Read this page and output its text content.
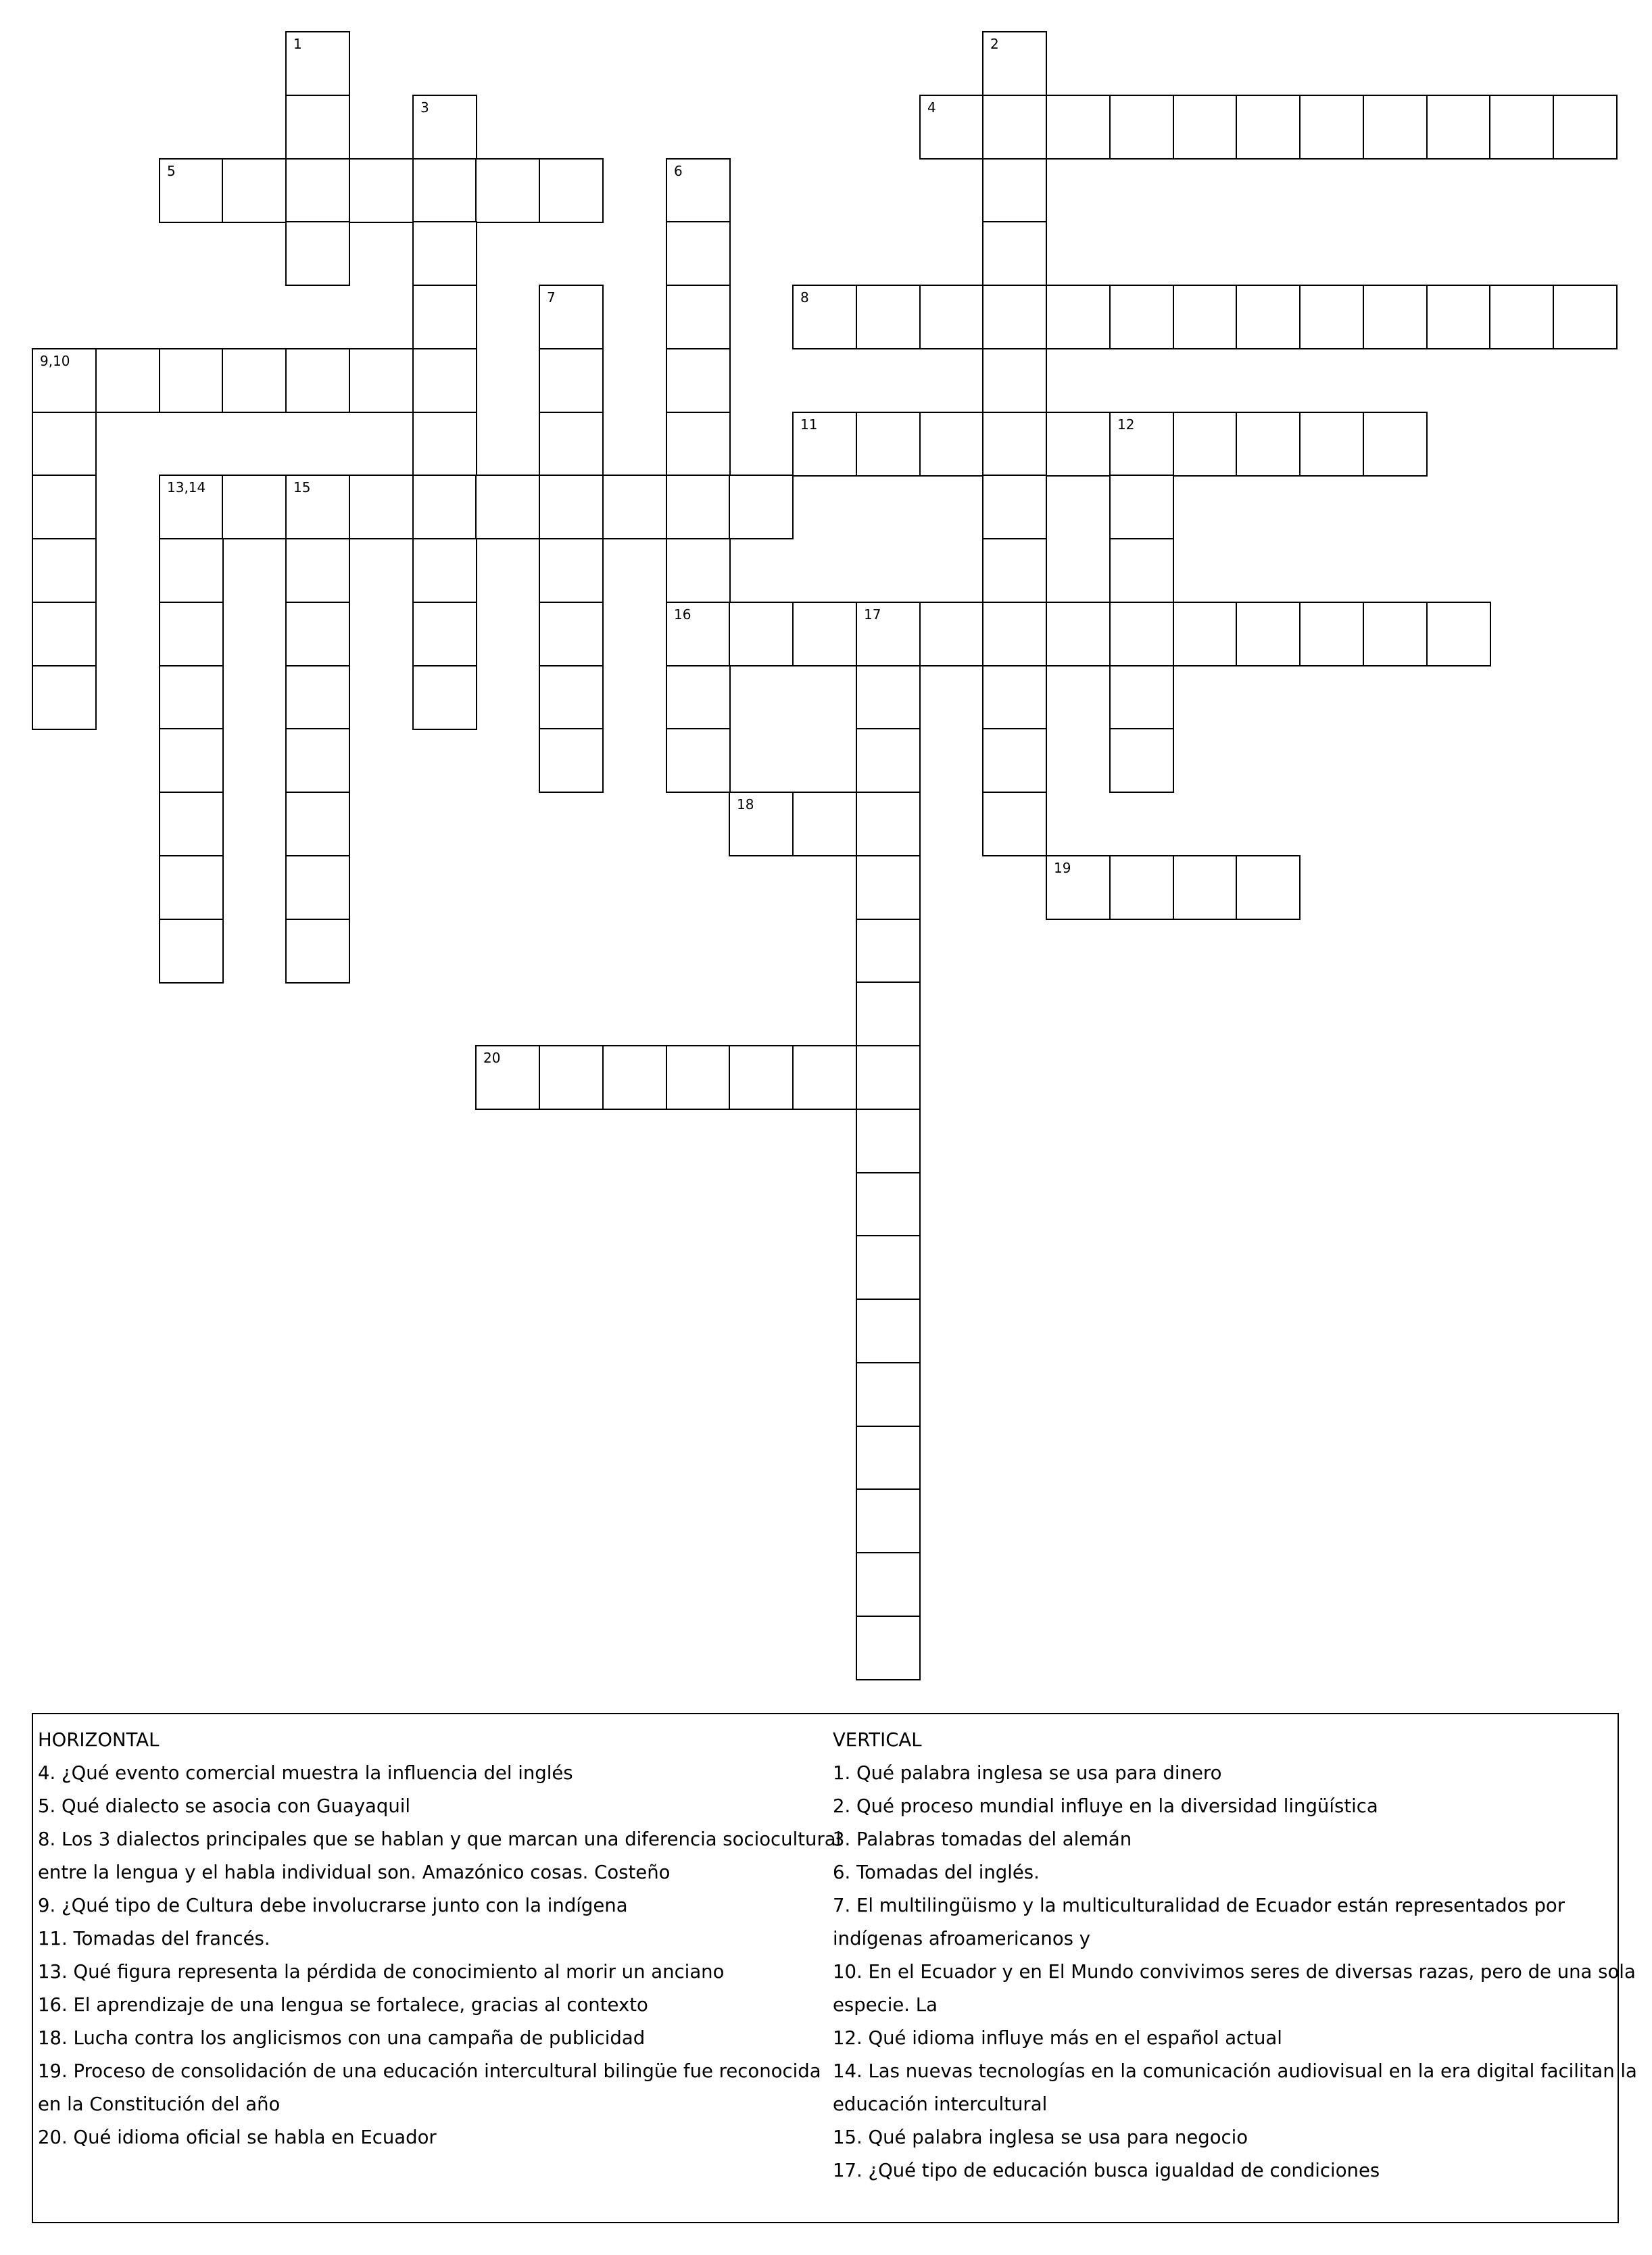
1	2
3	4
5	6
7	8
9,10
11	12
13,14	15
16	17
18
19
20
HORIZONTAL
4. ¿Qué evento comercial muestra la influencia del inglés
5. Qué dialecto se asocia con Guayaquil
8. Los 3 dialectos principales que se hablan y que marcan una diferencia sociocultural
entre la lengua y el habla individual son. Amazónico cosas. Costeño
9. ¿Qué tipo de Cultura debe involucrarse junto con la indígena
11. Tomadas del francés.
13. Qué figura representa la pérdida de conocimiento al morir un anciano
16. El aprendizaje de una lengua se fortalece, gracias al contexto
18. Lucha contra los anglicismos con una campaña de publicidad
19. Proceso de consolidación de una educación intercultural bilingüe fue reconocida
en la Constitución del año
20. Qué idioma oficial se habla en Ecuador
VERTICAL
1. Qué palabra inglesa se usa para dinero
2. Qué proceso mundial influye en la diversidad lingüística
3. Palabras tomadas del alemán
6. Tomadas del inglés.
7. El multilingüismo y la multiculturalidad de Ecuador están representados por
indígenas afroamericanos y
10. En el Ecuador y en El Mundo convivimos seres de diversas razas, pero de una sola
especie. La
12. Qué idioma influye más en el español actual
14. Las nuevas tecnologías en la comunicación audiovisual en la era digital facilitan la
educación intercultural
15. Qué palabra inglesa se usa para negocio
17. ¿Qué tipo de educación busca igualdad de condiciones
